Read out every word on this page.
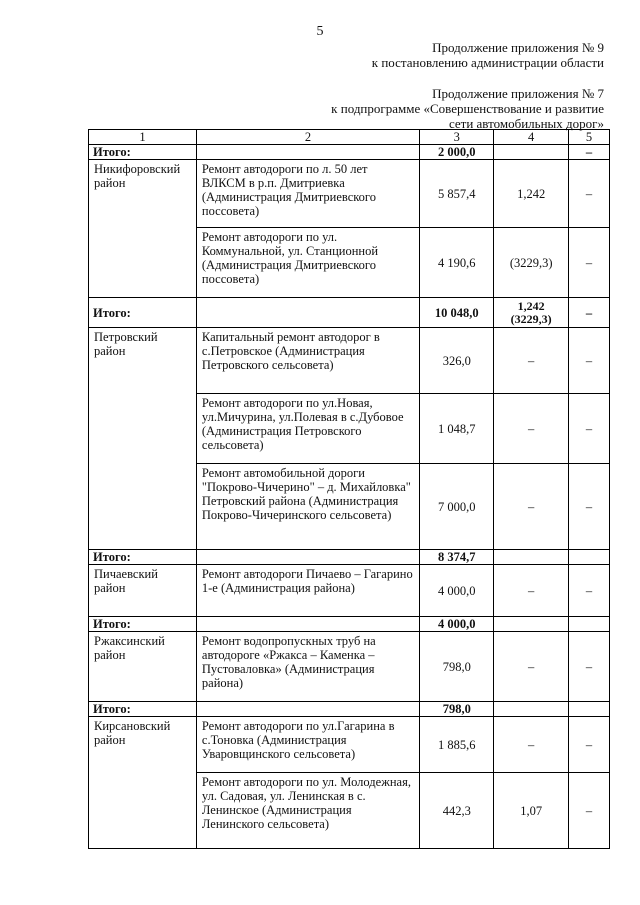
5
Продолжение приложения № 9
к постановлению администрации области
Продолжение приложения № 7
к подпрограмме «Совершенствование и развитие
сети автомобильных дорог»
1	2	3	4	5
Итого:		2 000,0		–
Никифоровский район	Ремонт автодороги по л. 50 лет ВЛКСМ в р.п. Дмитриевка (Администрация Дмитриевского поссовета)	5 857,4	1,242	–
	Ремонт автодороги по ул. Коммунальной, ул. Станционной (Администрация Дмитриевского поссовета)	4 190,6	(3229,3)	–
Итого:		10 048,0	1,242 (3229,3)	–
Петровский район	Капитальный ремонт автодорог в с.Петровское (Администрация Петровского сельсовета)	326,0	–	–
	Ремонт автодороги по ул.Новая, ул.Мичурина, ул.Полевая в с.Дубовое (Администрация Петровского сельсовета)	1 048,7	–	–
	Ремонт автомобильной дороги "Покрово-Чичерино" – д. Михайловка" Петровский района (Администрация Покрово-Чичеринского сельсовета)	7 000,0	–	–
Итого:		8 374,7		
Пичаевский район	Ремонт автодороги Пичаево – Гагарино 1-е (Администрация района)	4 000,0	–	–
Итого:		4 000,0		
Ржаксинский район	Ремонт водопропускных труб на автодороге «Ржакса – Каменка – Пустоваловка» (Администрация района)	798,0	–	–
Итого:		798,0		
Кирсановский район	Ремонт автодороги по ул.Гагарина в с.Тоновка (Администрация Уваровщинского сельсовета)	1 885,6	–	–
	Ремонт автодороги по ул. Молодежная, ул. Садовая, ул. Ленинская в с. Ленинское (Администрация Ленинского сельсовета)	442,3	1,07	–
